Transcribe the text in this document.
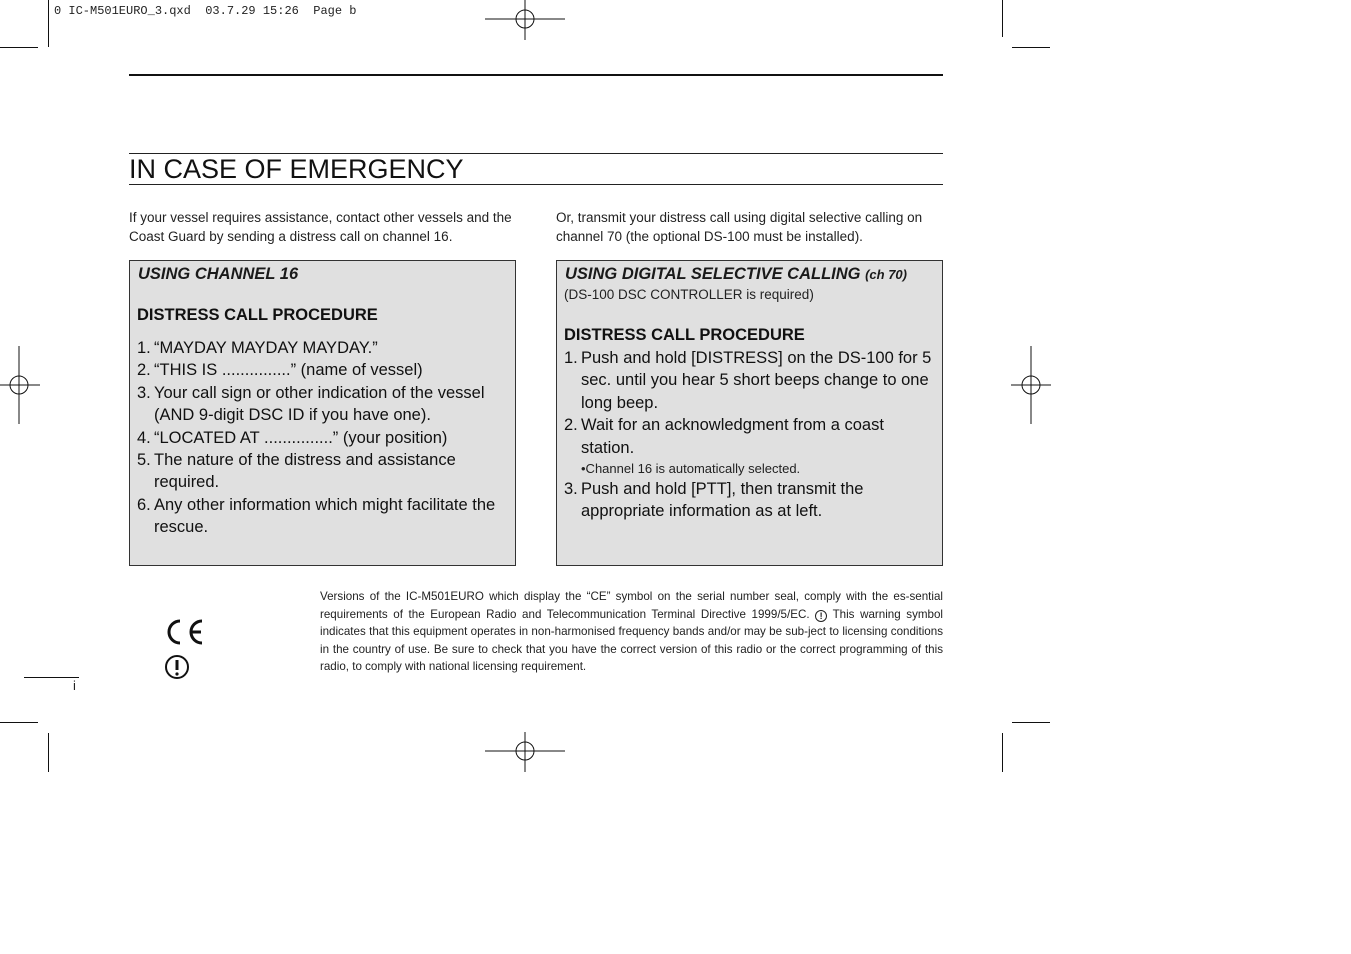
0 IC-M501EURO_3.qxd  03.7.29 15:26  Page b
IN CASE OF EMERGENCY
If your vessel requires assistance, contact other vessels and the Coast Guard by sending a distress call on channel 16.
Or, transmit your distress call using digital selective calling on channel 70 (the optional DS-100 must be installed).
USING CHANNEL 16
DISTRESS CALL PROCEDURE
1. “MAYDAY MAYDAY MAYDAY.”
2. “THIS IS ...............” (name of vessel)
3. Your call sign or other indication of the vessel (AND 9-digit DSC ID if you have one).
4. “LOCATED AT ...............” (your position)
5. The nature of the distress and assistance required.
6. Any other information which might facilitate the rescue.
USING DIGITAL SELECTIVE CALLING (ch 70)
(DS-100 DSC CONTROLLER is required)
DISTRESS CALL PROCEDURE
1. Push and hold [DISTRESS] on the DS-100 for 5 sec. until you hear 5 short beeps change to one long beep.
2. Wait for an acknowledgment from a coast station.
•Channel 16 is automatically selected.
3. Push and hold [PTT], then transmit the appropriate information as at left.

Versions of the IC-M501EURO which display the “CE” symbol on the serial number seal, comply with the es-sential requirements of the European Radio and Telecommunication Terminal Directive 1999/5/EC. ! This warning symbol indicates that this equipment operates in non-harmonised frequency bands and/or may be sub-ject to licensing conditions in the country of use. Be sure to check that you have the correct version of this radio or the correct programming of this radio, to comply with national licensing requirement.
i
